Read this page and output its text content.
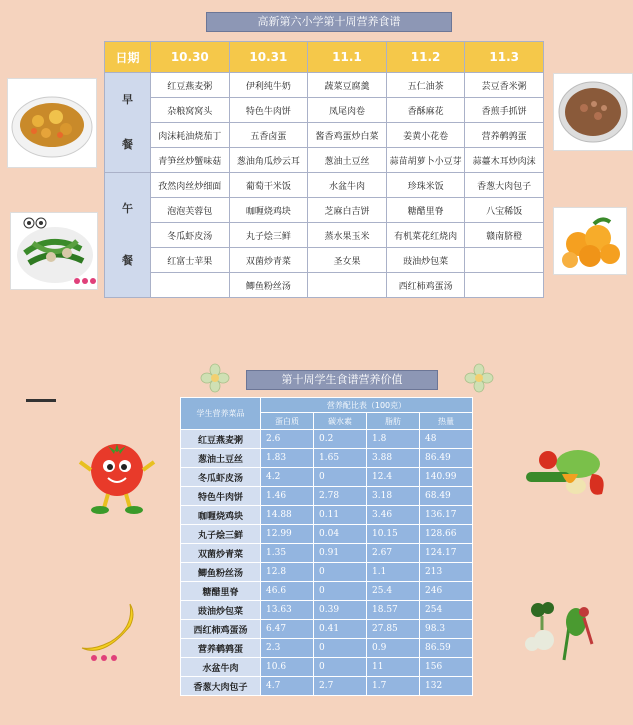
高新第六小学第十周营养食谱
日期	10.30	10.31	11.1	11.2	11.3

早
餐	红豆燕麦粥	伊利纯牛奶	蔬菜豆腐羹	五仁油茶	芸豆香米粥
	杂粮窝窝头	特色牛肉饼	凤尾肉卷	香酥麻花	香煎手抓饼
	肉沫耗油烧茄丁	五香卤蛋	酱香鸡蛋炒白菜	姜黄小花卷	营养鹌鹑蛋
	青笋丝炒蟹味菇	葱油角瓜炒云耳	葱油土豆丝	蒜苗胡萝卜小豆芽	蒜薹木耳炒肉沫

午
餐	孜然肉丝炒细面	葡萄干米饭	水盆牛肉	珍珠米饭	香葱大肉包子
	泡泡芙蓉包	咖喱烧鸡块	芝麻白吉饼	糖醋里脊	八宝稀饭
	冬瓜虾皮汤	丸子烩三鲜	蒸水果玉米	有机菜花红烧肉	赣南脐橙
	红富士苹果	双菌炒青菜	圣女果	豉油炒包菜	
		鲫鱼粉丝汤		西红柿鸡蛋汤	
第十周学生食谱营养价值
学生营养菜品	营养配比表（100克）			
	蛋白质	碳水素	脂肪	热量
红豆燕麦粥	2.6	0.2	1.8	48
葱油土豆丝	1.83	1.65	3.88	86.49
冬瓜虾皮汤	4.2	0	12.4	140.99
特色牛肉饼	1.46	2.78	3.18	68.49
咖喱烧鸡块	14.88	0.11	3.46	136.17
丸子烩三鲜	12.99	0.04	10.15	128.66
双菌炒青菜	1.35	0.91	2.67	124.17
鲫鱼粉丝汤	12.8	0	1.1	213
糖醋里脊	46.6	0	25.4	246
豉油炒包菜	13.63	0.39	18.57	254
西红柿鸡蛋汤	6.47	0.41	27.85	98.3
营养鹌鹑蛋	2.3	0	0.9	86.59
水盆牛肉	10.6	0	11	156
香葱大肉包子	4.7	2.7	1.7	132
